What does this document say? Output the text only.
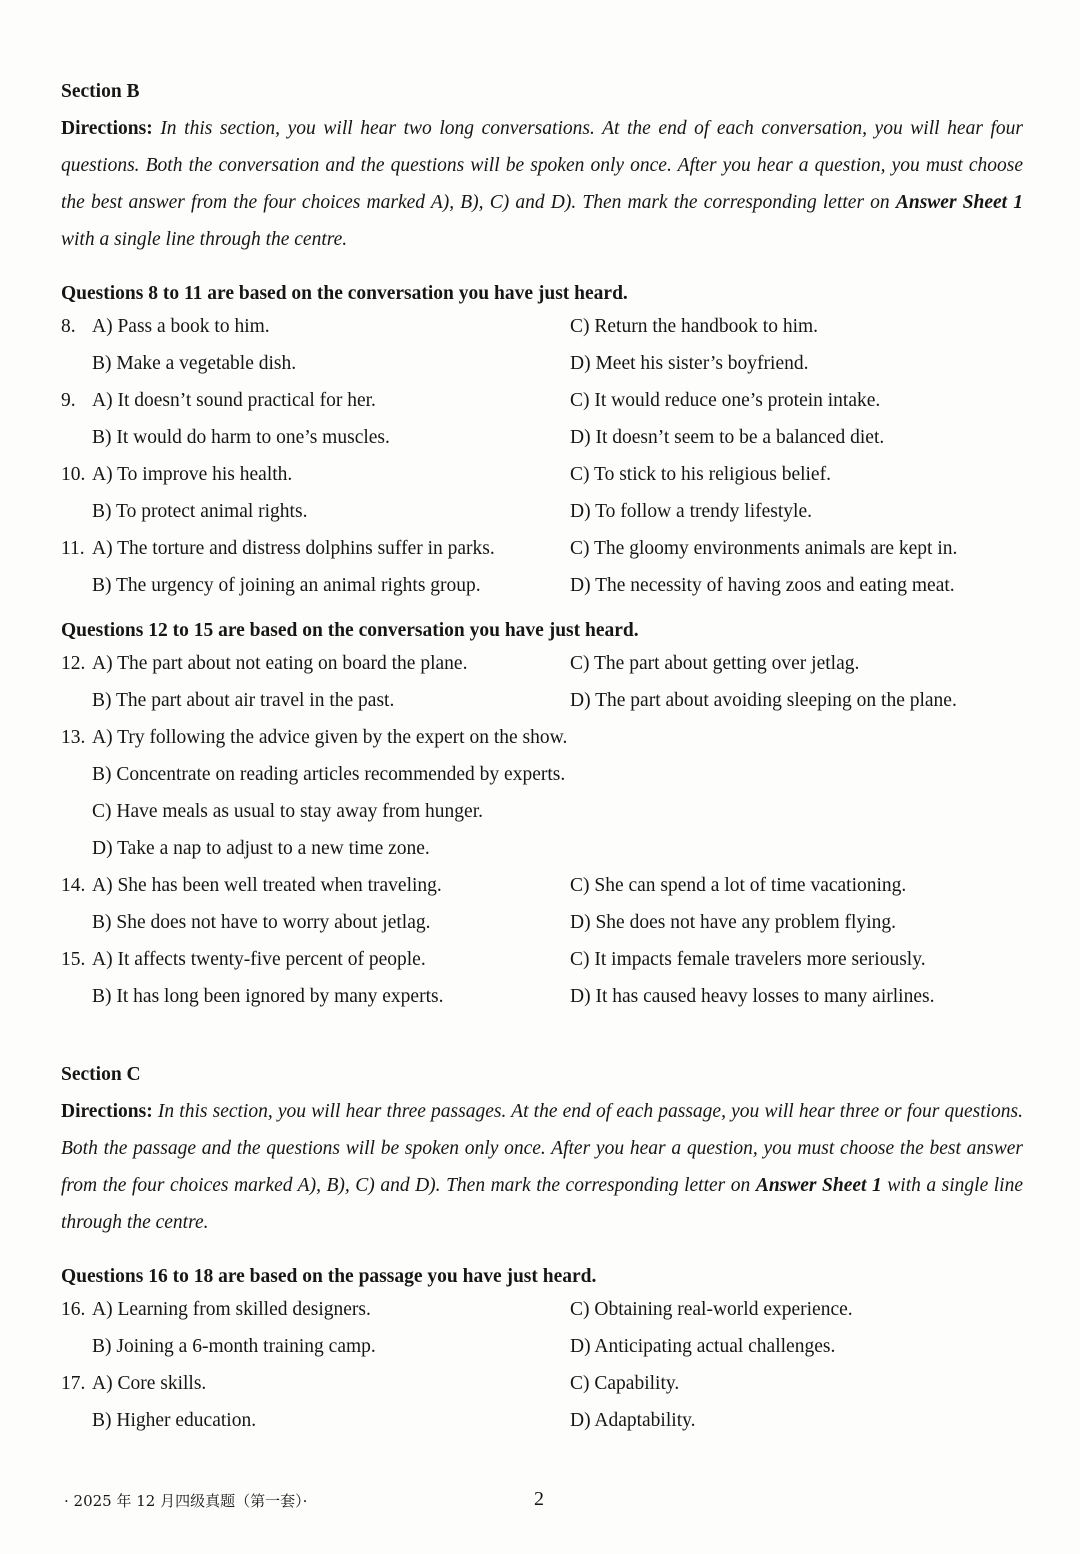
Section B

Directions: In this section, you will hear two long conversations. At the end of each conversation, you will hear four questions. Both the conversation and the questions will be spoken only once. After you hear a question, you must choose the best answer from the four choices marked A), B), C) and D). Then mark the corresponding letter on Answer Sheet 1 with a single line through the centre.

Questions 8 to 11 are based on the conversation you have just heard.

8. A) Pass a book to him.	C) Return the handbook to him.
B) Make a vegetable dish.	D) Meet his sister’s boyfriend.
9. A) It doesn’t sound practical for her.	C) It would reduce one’s protein intake.
B) It would do harm to one’s muscles.	D) It doesn’t seem to be a balanced diet.
10. A) To improve his health.	C) To stick to his religious belief.
B) To protect animal rights.	D) To follow a trendy lifestyle.
11. A) The torture and distress dolphins suffer in parks.	C) The gloomy environments animals are kept in.
B) The urgency of joining an animal rights group.	D) The necessity of having zoos and eating meat.

Questions 12 to 15 are based on the conversation you have just heard.

12. A) The part about not eating on board the plane.	C) The part about getting over jetlag.
B) The part about air travel in the past.	D) The part about avoiding sleeping on the plane.
13. A) Try following the advice given by the expert on the show.
B) Concentrate on reading articles recommended by experts.
C) Have meals as usual to stay away from hunger.
D) Take a nap to adjust to a new time zone.
14. A) She has been well treated when traveling.	C) She can spend a lot of time vacationing.
B) She does not have to worry about jetlag.	D) She does not have any problem flying.
15. A) It affects twenty-five percent of people.	C) It impacts female travelers more seriously.
B) It has long been ignored by many experts.	D) It has caused heavy losses to many airlines.

Section C

Directions: In this section, you will hear three passages. At the end of each passage, you will hear three or four questions. Both the passage and the questions will be spoken only once. After you hear a question, you must choose the best answer from the four choices marked A), B), C) and D). Then mark the corresponding letter on Answer Sheet 1 with a single line through the centre.

Questions 16 to 18 are based on the passage you have just heard.

16. A) Learning from skilled designers.	C) Obtaining real-world experience.
B) Joining a 6-month training camp.	D) Anticipating actual challenges.
17. A) Core skills.	C) Capability.
B) Higher education.	D) Adaptability.
· 2025 年 12 月四级真题（第一套）·	2
